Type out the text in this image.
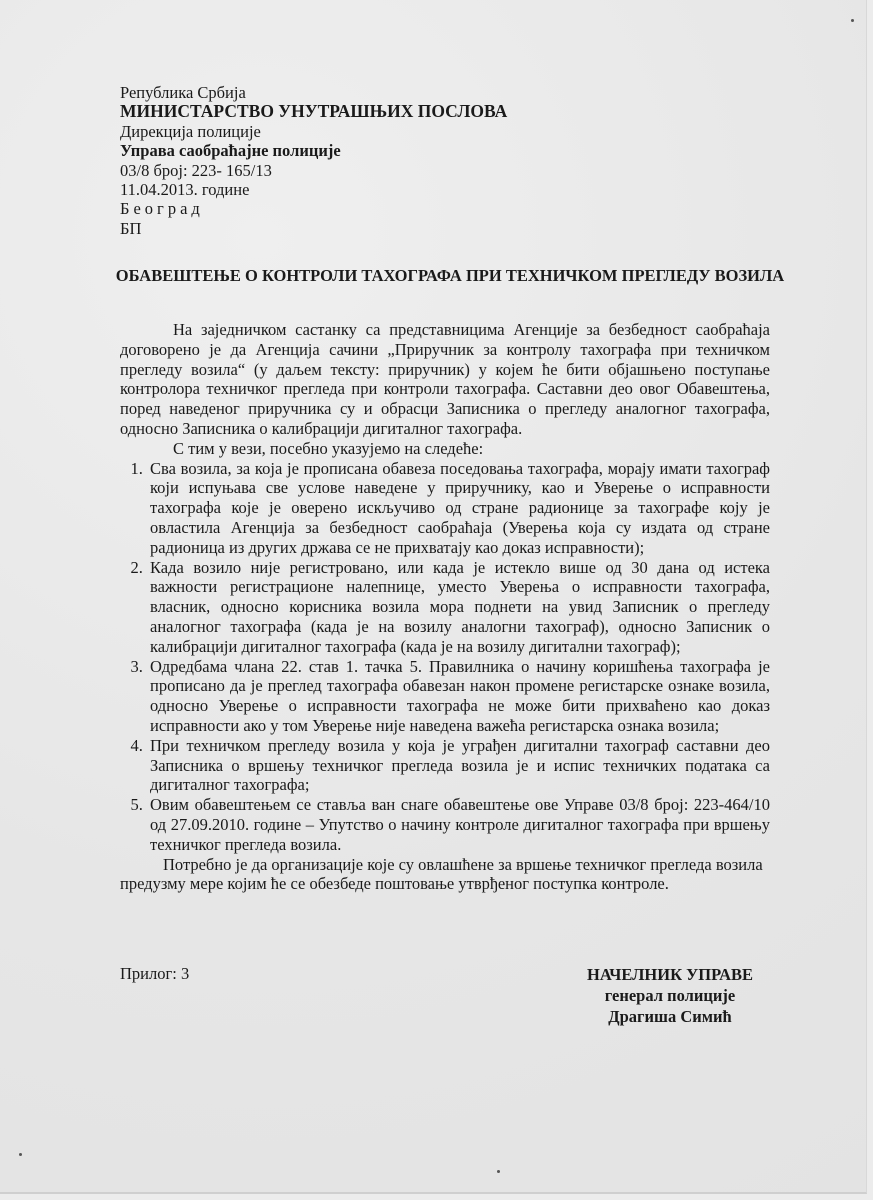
Република Србија
МИНИСТАРСТВО УНУТРАШЊИХ ПОСЛОВА
Дирекција полиције
Управа саобраћајне полиције
03/8 број: 223- 165/13
11.04.2013. године
Београд
БП
ОБАВЕШТЕЊЕ О КОНТРОЛИ ТАХОГРАФА ПРИ ТЕХНИЧКОМ ПРЕГЛЕДУ ВОЗИЛА

На заједничком састанку са представницима Агенције за безбедност саобраћаја договорено је да Агенција сачини „Приручник за контролу тахографа при техничком прегледу возила“ (у даљем тексту: приручник) у којем ће бити објашњено поступање контролора техничког прегледа при контроли тахографа. Саставни део овог Обавештења, поред наведеног приручника су и обрасци Записника о прегледу аналогног тахографа, односно Записника о калибрацији дигиталног тахографа.

С тим у вези, посебно указујемо на следеће:

1. Сва возила, за која је прописана обавеза поседовања тахографа, морају имати тахограф који испуњава све услове наведене у приручнику, као и Уверење о исправности тахографа које је оверено искључиво од стране радионице за тахографе коју је овластила Агенција за безбедност саобраћаја (Уверења која су издата од стране радионица из других држава се не прихватају као доказ исправности);
2. Када возило није регистровано, или када је истекло више од 30 дана од истека важности регистрационе налепнице, уместо Уверења о исправности тахографа, власник, односно корисника возила мора поднети на увид Записник о прегледу аналогног тахографа (када је на возилу аналогни тахограф), односно Записник о калибрацији дигиталног тахографа (када је на возилу дигитални тахограф);
3. Одредбама члана 22. став 1. тачка 5. Правилника о начину коришћења тахографа је прописано да је преглед тахографа обавезан након промене регистарске ознаке возила, односно Уверење о исправности тахографа не може бити прихваћено као доказ исправности ако у том Уверење није наведена важећа регистарска ознака возила;
4. При техничком прегледу возила у која је уграђен дигитални тахограф саставни део Записника о вршењу техничког прегледа возила је и испис техничких података са дигиталног тахографа;
5. Овим обавештењем се ставља ван снаге обавештење ове Управе 03/8 број: 223-464/10 од 27.09.2010. године – Упутство о начину контроле дигиталног тахографа при вршењу техничког прегледа возила.

Потребно је да организације које су овлашћене за вршење техничког прегледа возила предузму мере којим ће се обезбеде поштовање утврђеног поступка контроле.

Прилог: 3	НАЧЕЛНИК УПРАВЕ
генерал полиције
Драгиша Симић
